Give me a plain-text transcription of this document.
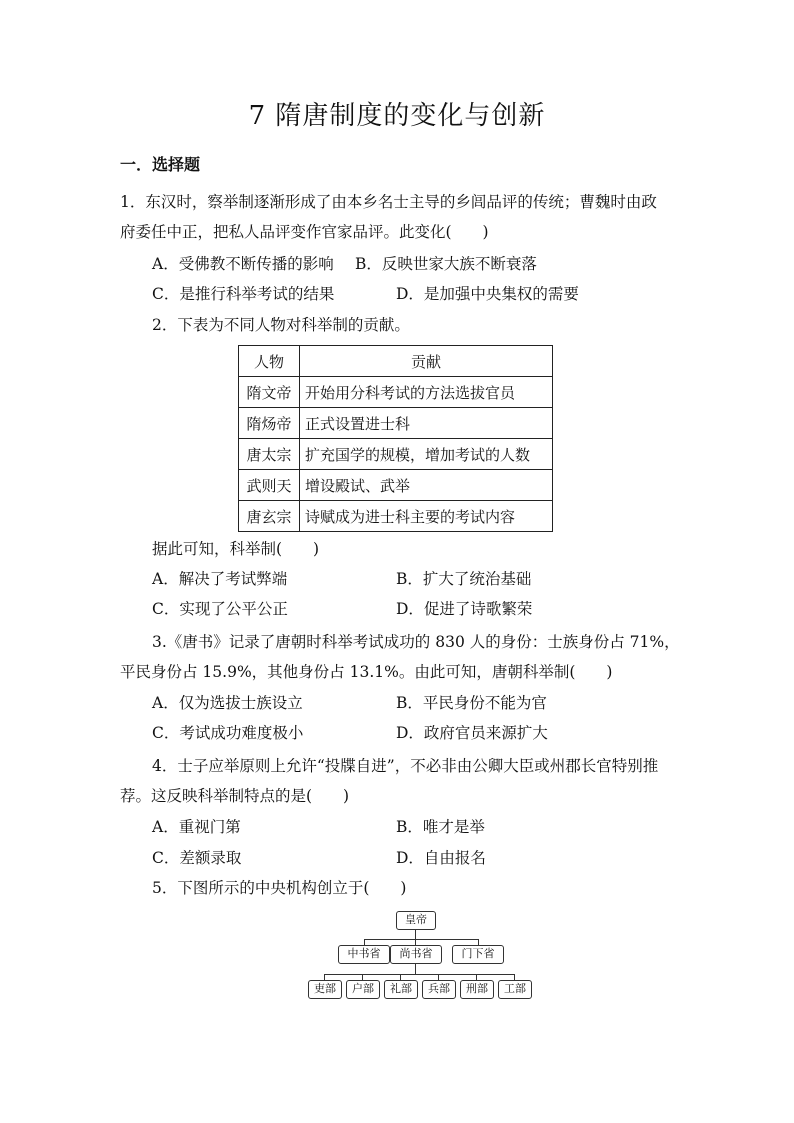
7 隋唐制度的变化与创新
一．选择题
1．东汉时，察举制逐渐形成了由本乡名士主导的乡闾品评的传统；曹魏时由政
府委任中正，把私人品评变作官家品评。此变化(　　)
A．受佛教不断传播的影响 B．反映世家大族不断衰落
C．是推行科举考试的结果	D．是加强中央集权的需要
2．下表为不同人物对科举制的贡献。
人物	贡献
隋文帝	开始用分科考试的方法选拔官员
隋炀帝	正式设置进士科
唐太宗	扩充国学的规模，增加考试的人数
武则天	增设殿试、武举
唐玄宗	诗赋成为进士科主要的考试内容
据此可知，科举制(　　)
A．解决了考试弊端	B．扩大了统治基础
C．实现了公平公正	D．促进了诗歌繁荣
3.《唐书》记录了唐朝时科举考试成功的 830 人的身份：士族身份占 71%，
平民身份占 15.9%，其他身份占 13.1%。由此可知，唐朝科举制(　　)
A．仅为选拔士族设立	B．平民身份不能为官
C．考试成功难度极小	D．政府官员来源扩大
4．士子应举原则上允许“投牒自进”，不必非由公卿大臣或州郡长官特别推
荐。这反映科举制特点的是(　　)
A．重视门第	B．唯才是举
C．差额录取	D．自由报名
5．下图所示的中央机构创立于(　　)
皇帝
中书省	尚书省	门下省
吏部	户部	礼部	兵部	刑部	工部
